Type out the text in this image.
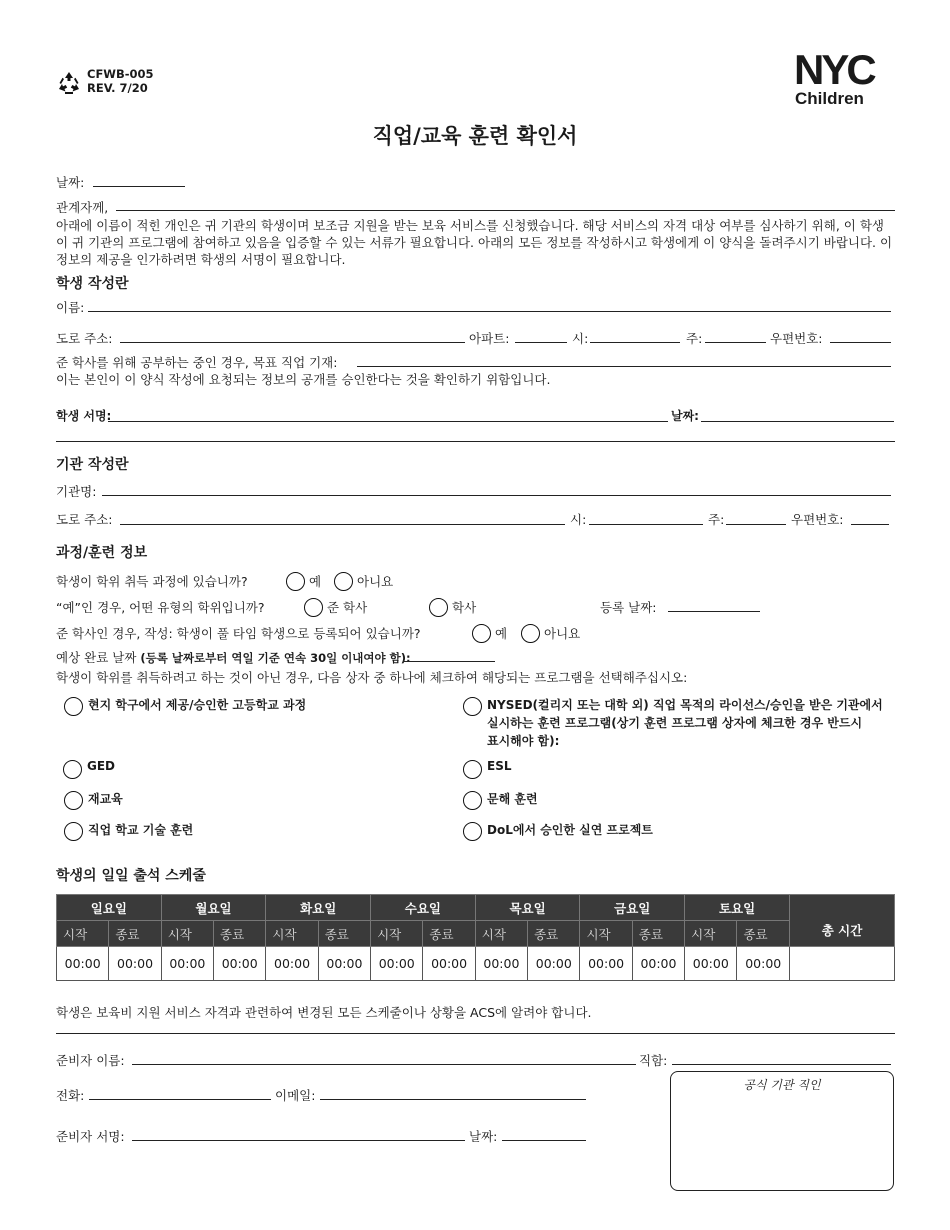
CFWB-005
REV. 7/20	NYC
Children
직업/교육 훈련 확인서
날짜:
관계자께,
아래에 이름이 적힌 개인은 귀 기관의 학생이며 보조금 지원을 받는 보육 서비스를 신청했습니다. 해당 서비스의 자격 대상 여부를 심사하기 위해, 이 학생이 귀 기관의 프로그램에 참여하고 있음을 입증할 수 있는 서류가 필요합니다. 아래의 모든 정보를 작성하시고 학생에게 이 양식을 돌려주시기 바랍니다. 이 정보의 제공을 인가하려면 학생의 서명이 필요합니다.
학생 작성란
이름:
도로 주소:	아파트:	시:	주:	우편번호:
준 학사를 위해 공부하는 중인 경우, 목표 직업 기재:
이는 본인이 이 양식 작성에 요청되는 정보의 공개를 승인한다는 것을 확인하기 위함입니다.
학생 서명:	날짜:
기관 작성란
기관명:
도로 주소:	시:	주:	우편번호:
과정/훈련 정보
학생이 학위 취득 과정에 있습니까?	예	아니요
“예”인 경우, 어떤 유형의 학위입니까?	준 학사	학사	등록 날짜:
준 학사인 경우, 작성: 학생이 풀 타임 학생으로 등록되어 있습니까?	예	아니요
예상 완료 날짜 (등록 날짜로부터 역일 기준 연속 30일 이내여야 함):
학생이 학위를 취득하려고 하는 것이 아닌 경우, 다음 상자 중 하나에 체크하여 해당되는 프로그램을 선택해주십시오:
현지 학구에서 제공/승인한 고등학교 과정
GED
재교육
직업 학교 기술 훈련
NYSED(컬리지 또는 대학 외) 직업 목적의 라이선스/승인을 받은 기관에서
실시하는 훈련 프로그램(상기 훈련 프로그램 상자에 체크한 경우 반드시
표시해야 함):
ESL
문해 훈련
DoL에서 승인한 실연 프로젝트
학생의 일일 출석 스케줄
일요일		월요일		화요일		수요일		목요일		금요일		토요일		총 시간
시작	종료	시작	종료	시작	종료	시작	종료	시작	종료	시작	종료	시작	종료	
00:00	00:00	00:00	00:00	00:00	00:00	00:00	00:00	00:00	00:00	00:00	00:00	00:00	00:00	
학생은 보육비 지원 서비스 자격과 관련하여 변경된 모든 스케줄이나 상황을 ACS에 알려야 합니다.
준비자 이름:	직함:
전화:	이메일:
준비자 서명:	날짜:
공식 기관 직인
